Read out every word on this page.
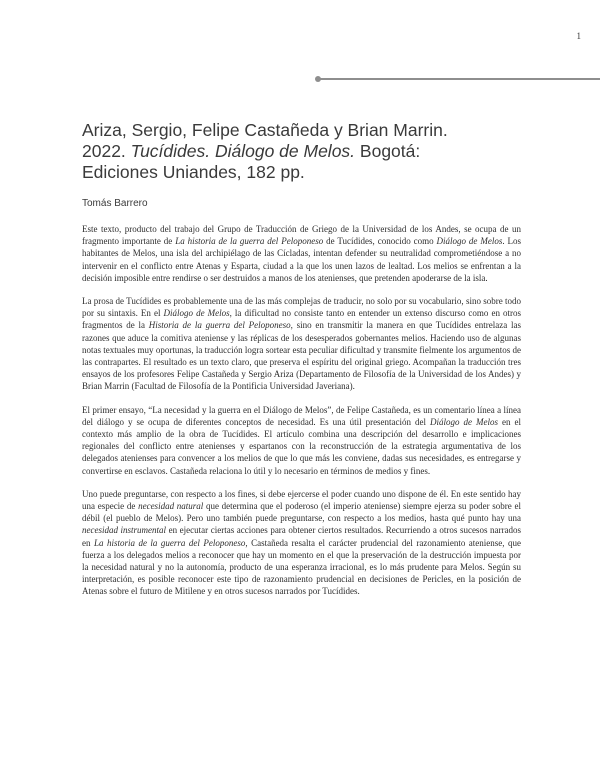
1
Ariza, Sergio, Felipe Castañeda y Brian Marrin.
2022. Tucídides. Diálogo de Melos. Bogotá:
Ediciones Uniandes, 182 pp.

Tomás Barrero

Este texto, producto del trabajo del Grupo de Traducción de Griego de la Universidad de los Andes, se ocupa de un fragmento importante de La historia de la guerra del Peloponeso de Tucídides, conocido como Diálogo de Melos. Los habitantes de Melos, una isla del archipiélago de las Cícladas, intentan defender su neutralidad comprometiéndose a no intervenir en el conflicto entre Atenas y Esparta, ciudad a la que los unen lazos de lealtad. Los melios se enfrentan a la decisión imposible entre rendirse o ser destruidos a manos de los atenienses, que pretenden apoderarse de la isla.

La prosa de Tucídides es probablemente una de las más complejas de traducir, no solo por su vocabulario, sino sobre todo por su sintaxis. En el Diálogo de Melos, la dificultad no consiste tanto en entender un extenso discurso como en otros fragmentos de la Historia de la guerra del Peloponeso, sino en transmitir la manera en que Tucídides entrelaza las razones que aduce la comitiva ateniense y las réplicas de los desesperados gobernantes melios. Haciendo uso de algunas notas textuales muy oportunas, la traducción logra sortear esta peculiar dificultad y transmite fielmente los argumentos de las contrapartes. El resultado es un texto claro, que preserva el espíritu del original griego. Acompañan la traducción tres ensayos de los profesores Felipe Castañeda y Sergio Ariza (Departamento de Filosofía de la Universidad de los Andes) y Brian Marrin (Facultad de Filosofía de la Pontificia Universidad Javeriana).

El primer ensayo, “La necesidad y la guerra en el Diálogo de Melos”, de Felipe Castañeda, es un comentario línea a línea del diálogo y se ocupa de diferentes conceptos de necesidad. Es una útil presentación del Diálogo de Melos en el contexto más amplio de la obra de Tucídides. El artículo combina una descripción del desarrollo e implicaciones regionales del conflicto entre atenienses y espartanos con la reconstrucción de la estrategia argumentativa de los delegados atenienses para convencer a los melios de que lo que más les conviene, dadas sus necesidades, es entregarse y convertirse en esclavos. Castañeda relaciona lo útil y lo necesario en términos de medios y fines.

Uno puede preguntarse, con respecto a los fines, si debe ejercerse el poder cuando uno dispone de él. En este sentido hay una especie de necesidad natural que determina que el poderoso (el imperio ateniense) siempre ejerza su poder sobre el débil (el pueblo de Melos). Pero uno también puede preguntarse, con respecto a los medios, hasta qué punto hay una necesidad instrumental en ejecutar ciertas acciones para obtener ciertos resultados. Recurriendo a otros sucesos narrados en La historia de la guerra del Peloponeso, Castañeda resalta el carácter prudencial del razonamiento ateniense, que fuerza a los delegados melios a reconocer que hay un momento en el que la preservación de la destrucción impuesta por la necesidad natural y no la autonomía, producto de una esperanza irracional, es lo más prudente para Melos. Según su interpretación, es posible reconocer este tipo de razonamiento prudencial en decisiones de Pericles, en la posición de Atenas sobre el futuro de Mitilene y en otros sucesos narrados por Tucídides.
